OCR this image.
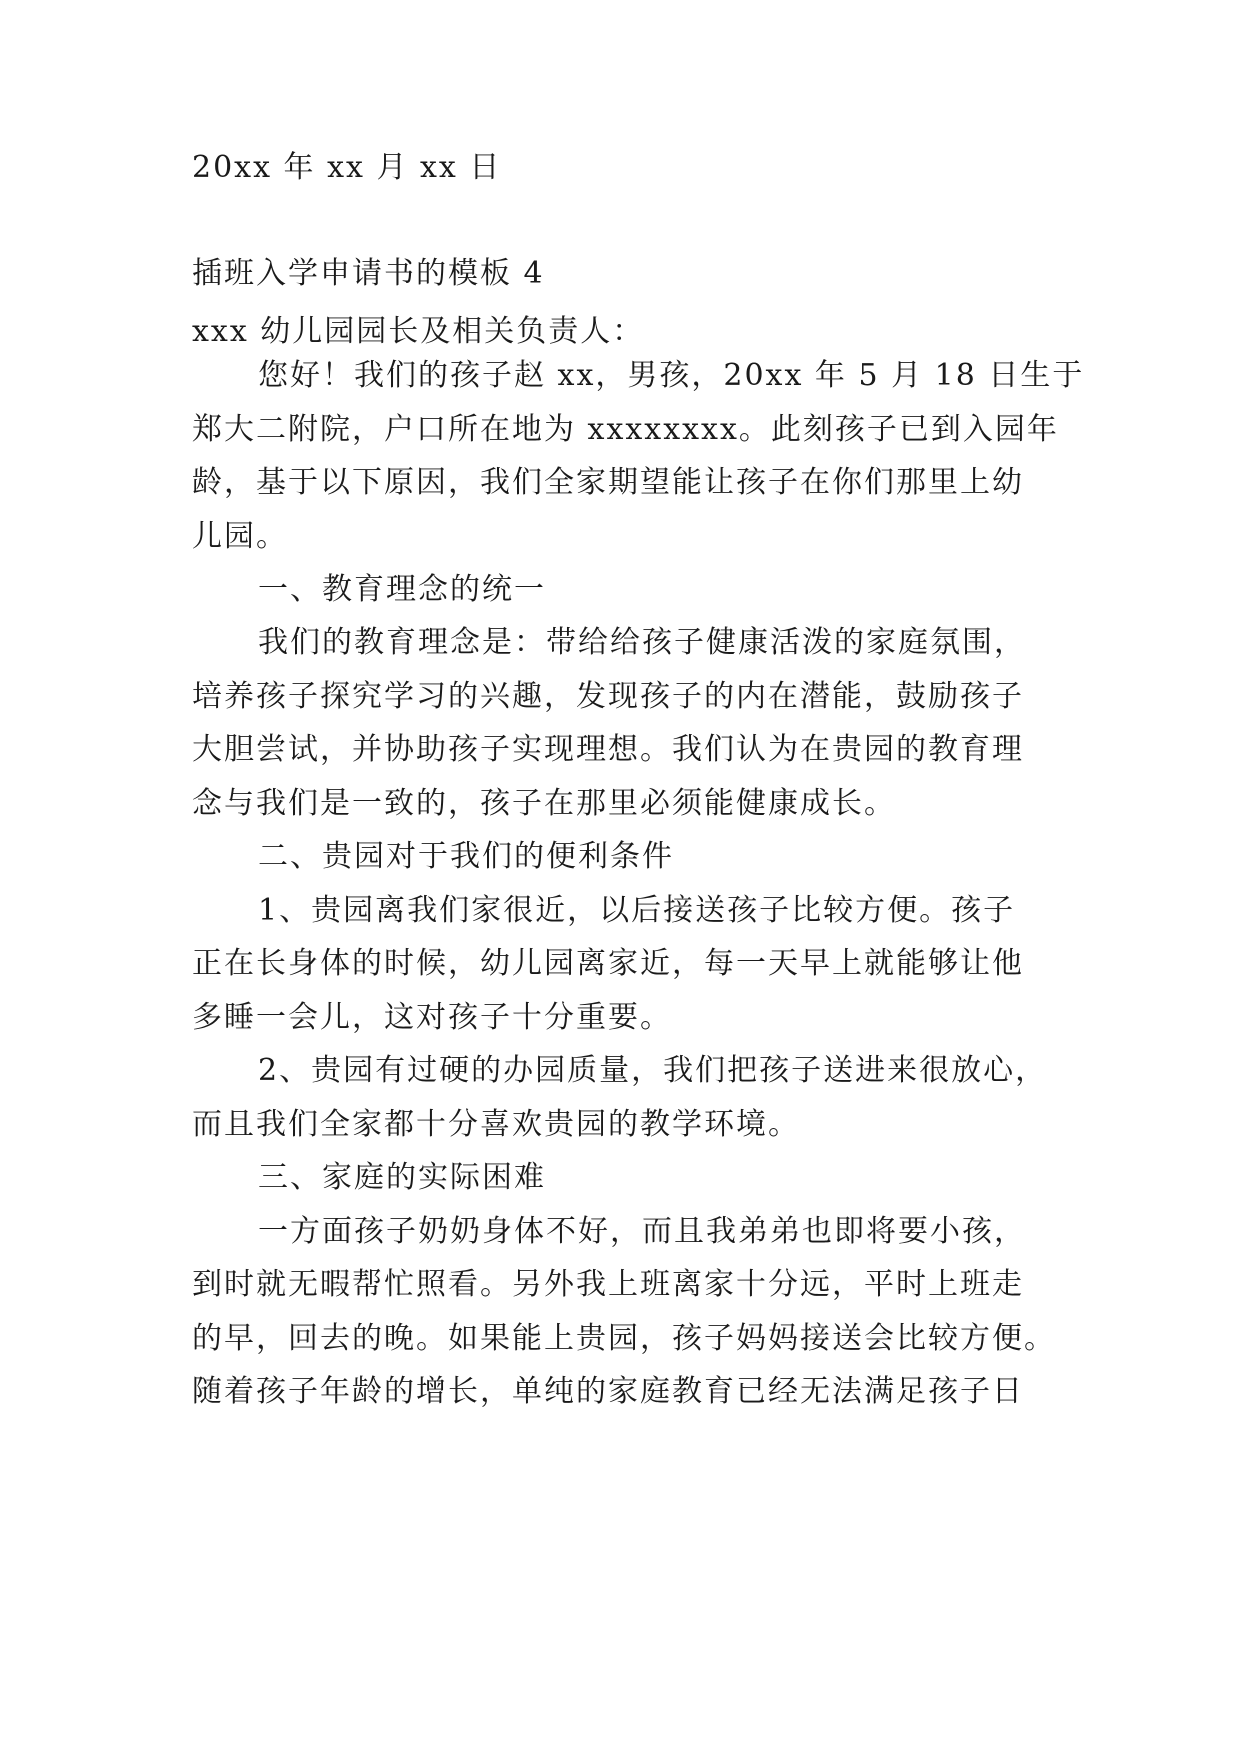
20xx 年 xx 月 xx 日
插班入学申请书的模板 4
xxx 幼儿园园长及相关负责人：
您好！我们的孩子赵 xx，男孩，20xx 年 5 月 18 日生于
郑大二附院，户口所在地为 xxxxxxxx。此刻孩子已到入园年
龄，基于以下原因，我们全家期望能让孩子在你们那里上幼
儿园。
一、教育理念的统一
我们的教育理念是：带给给孩子健康活泼的家庭氛围，
培养孩子探究学习的兴趣，发现孩子的内在潜能，鼓励孩子
大胆尝试，并协助孩子实现理想。我们认为在贵园的教育理
念与我们是一致的，孩子在那里必须能健康成长。
二、贵园对于我们的便利条件
1、贵园离我们家很近，以后接送孩子比较方便。孩子
正在长身体的时候，幼儿园离家近，每一天早上就能够让他
多睡一会儿，这对孩子十分重要。
2、贵园有过硬的办园质量，我们把孩子送进来很放心，
而且我们全家都十分喜欢贵园的教学环境。
三、家庭的实际困难
一方面孩子奶奶身体不好，而且我弟弟也即将要小孩，
到时就无暇帮忙照看。另外我上班离家十分远，平时上班走
的早，回去的晚。如果能上贵园，孩子妈妈接送会比较方便。
随着孩子年龄的增长，单纯的家庭教育已经无法满足孩子日
